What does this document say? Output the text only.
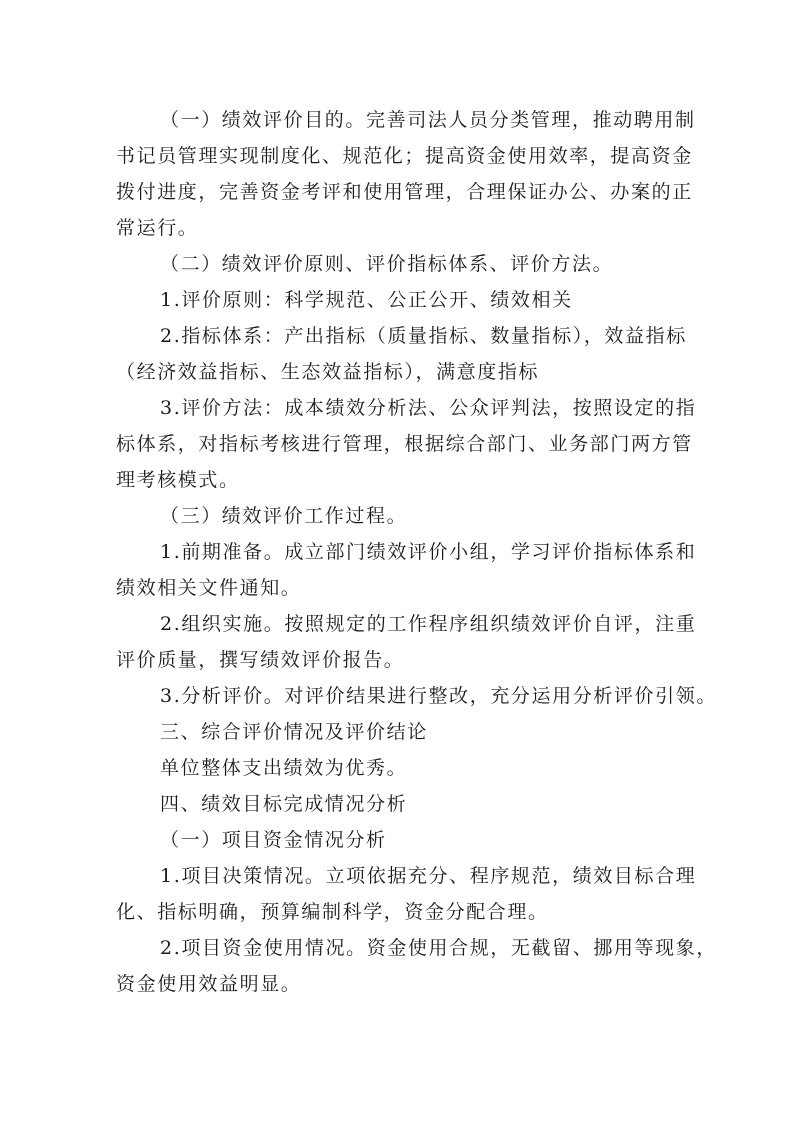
（一）绩效评价目的。完善司法人员分类管理，推动聘用制
书记员管理实现制度化、规范化；提高资金使用效率，提高资金
拨付进度，完善资金考评和使用管理，合理保证办公、办案的正
常运行。
（二）绩效评价原则、评价指标体系、评价方法。
1.评价原则：科学规范、公正公开、绩效相关
2.指标体系：产出指标（质量指标、数量指标），效益指标
（经济效益指标、生态效益指标），满意度指标
3.评价方法：成本绩效分析法、公众评判法，按照设定的指
标体系，对指标考核进行管理，根据综合部门、业务部门两方管
理考核模式。
（三）绩效评价工作过程。
1.前期准备。成立部门绩效评价小组，学习评价指标体系和
绩效相关文件通知。
2.组织实施。按照规定的工作程序组织绩效评价自评，注重
评价质量，撰写绩效评价报告。
3.分析评价。对评价结果进行整改，充分运用分析评价引领。
三、综合评价情况及评价结论
单位整体支出绩效为优秀。
四、绩效目标完成情况分析
（一）项目资金情况分析
1.项目决策情况。立项依据充分、程序规范，绩效目标合理
化、指标明确，预算编制科学，资金分配合理。
2.项目资金使用情况。资金使用合规，无截留、挪用等现象，
资金使用效益明显。
